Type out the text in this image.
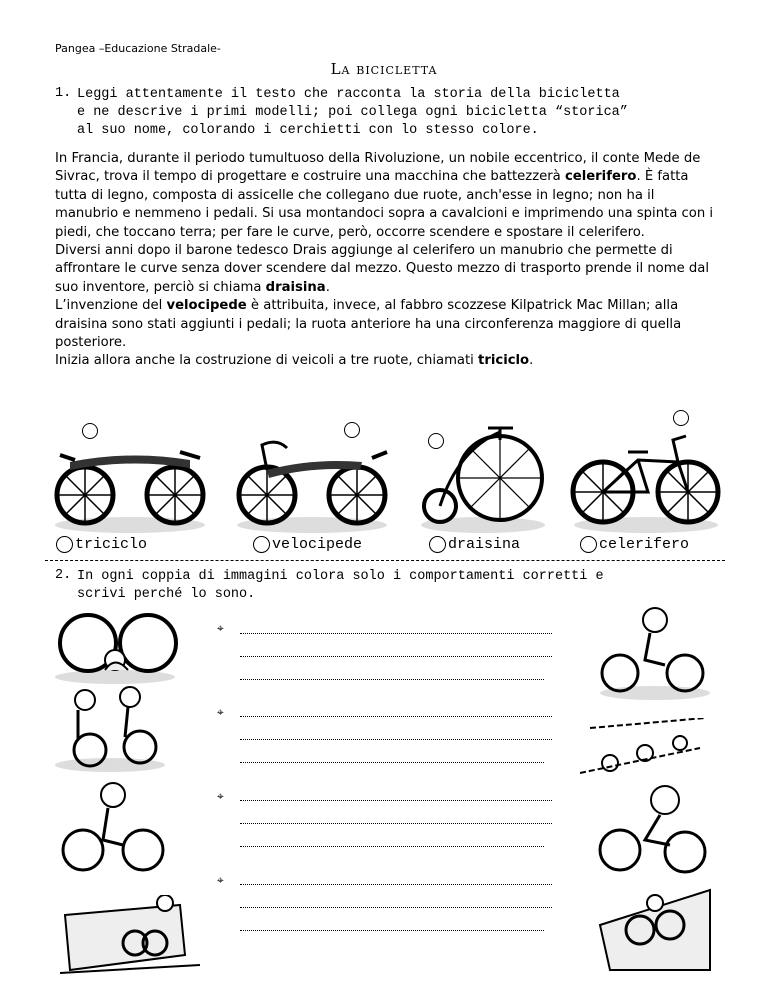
Pangea –Educazione Stradale-
La bicicletta
1. Leggi attentamente il testo che racconta la storia della bicicletta
e ne descrive i primi modelli; poi collega ogni bicicletta “storica”
al suo nome, colorando i cerchietti con lo stesso colore.

In Francia, durante il periodo tumultuoso della Rivoluzione, un nobile eccentrico, il conte Mede de Sivrac, trova il tempo di progettare e costruire una macchina che battezzerà celerifero. È fatta tutta di legno, composta di assicelle che collegano due ruote, anch'esse in legno; non ha il manubrio e nemmeno i pedali. Si usa montandoci sopra a cavalcioni e imprimendo una spinta con i piedi, che toccano terra; per fare le curve, però, occorre scendere e spostare il celerifero.

Diversi anni dopo il barone tedesco Drais aggiunge al celerifero un manubrio che permette di affrontare le curve senza dover scendere dal mezzo. Questo mezzo di trasporto prende il nome dal suo inventore, perciò si chiama draisina.

L’invenzione del velocipede è attribuita, invece, al fabbro scozzese Kilpatrick Mac Millan; alla draisina sono stati aggiunti i pedali; la ruota anteriore ha una circonferenza maggiore di quella posteriore.

Inizia allora anche la costruzione di veicoli a tre ruote, chiamati triciclo.

triciclo	velocipede	draisina	celerifero
2. In ogni coppia di immagini colora solo i comportamenti corretti e
scrivi perché lo sono.
⌖
⌖
⌖
⌖
